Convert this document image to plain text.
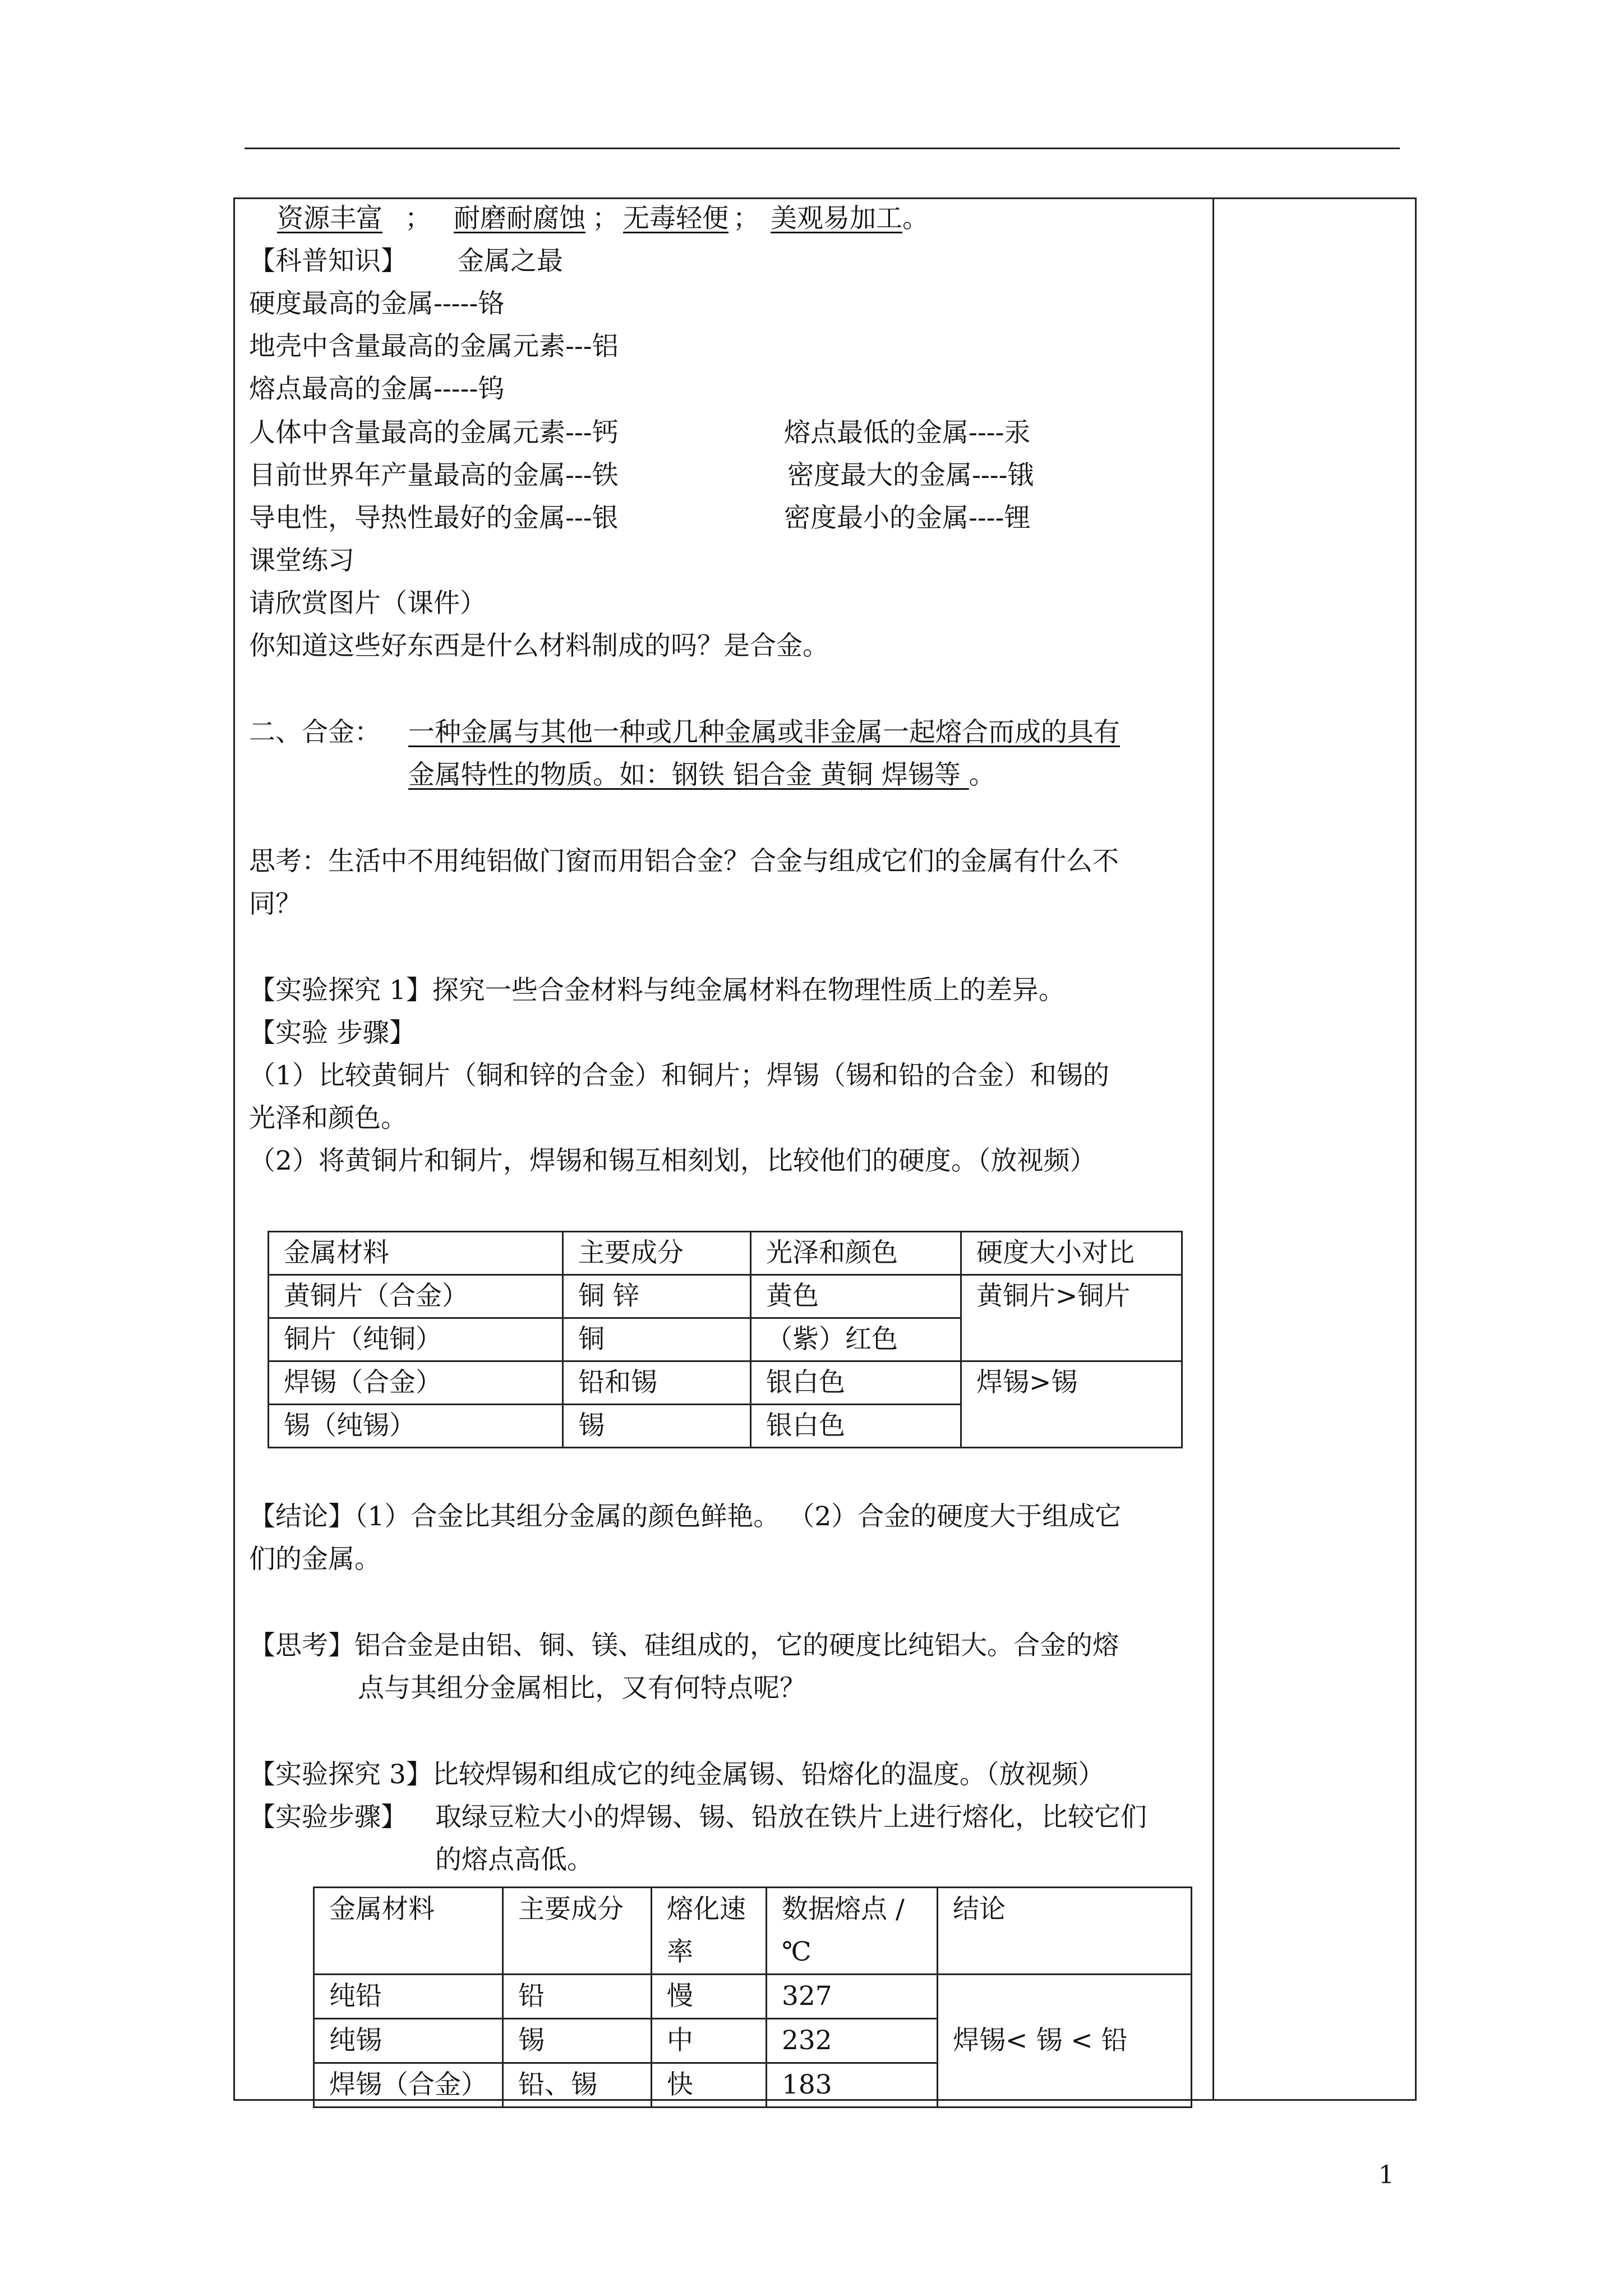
资源丰富 ； 耐磨耐腐蚀 ； 无毒轻便 ； 美观易加工。
【科普知识】 金属之最
硬度最高的金属-----铬
地壳中含量最高的金属元素---铝
熔点最高的金属-----钨
人体中含量最高的金属元素---钙	熔点最低的金属----汞
目前世界年产量最高的金属---铁	密度最大的金属----锇
导电性，导热性最好的金属---银	密度最小的金属----锂
课堂练习
请欣赏图片（课件）
你知道这些好东西是什么材料制成的吗？是合金。
二、合金： 一种金属与其他一种或几种金属或非金属一起熔合而成的具有
金属特性的物质。如：钢铁 铝合金 黄铜 焊锡等 。
思考：生活中不用纯铝做门窗而用铝合金？合金与组成它们的金属有什么不
同？
【实验探究 1】探究一些合金材料与纯金属材料在物理性质上的差异。
【实验 步骤】
（1）比较黄铜片（铜和锌的合金）和铜片；焊锡（锡和铅的合金）和锡的
光泽和颜色。
（2）将黄铜片和铜片，焊锡和锡互相刻划，比较他们的硬度。（放视频）
金属材料	主要成分	光泽和颜色	硬度大小对比
黄铜片（合金）	铜 锌	黄色	黄铜片>铜片
铜片（纯铜）	铜	（紫）红色	
焊锡（合金）	铅和锡	银白色	焊锡>锡
锡（纯锡）	锡	银白色	
【结论】（1）合金比其组分金属的颜色鲜艳。 （2）合金的硬度大于组成它
们的金属。
【思考】铝合金是由铝、铜、镁、硅组成的，它的硬度比纯铝大。合金的熔
点与其组分金属相比，又有何特点呢？
【实验探究 3】比较焊锡和组成它的纯金属锡、铅熔化的温度。（放视频）
【实验步骤】 取绿豆粒大小的焊锡、锡、铅放在铁片上进行熔化，比较它们
的熔点高低。
金属材料	主要成分	熔化速率	数据熔点 /℃	结论
纯铅	铅	慢	327	焊锡< 锡 < 铅
纯锡	锡	中	232	
焊锡（合金）	铅、锡	快	183	
1
